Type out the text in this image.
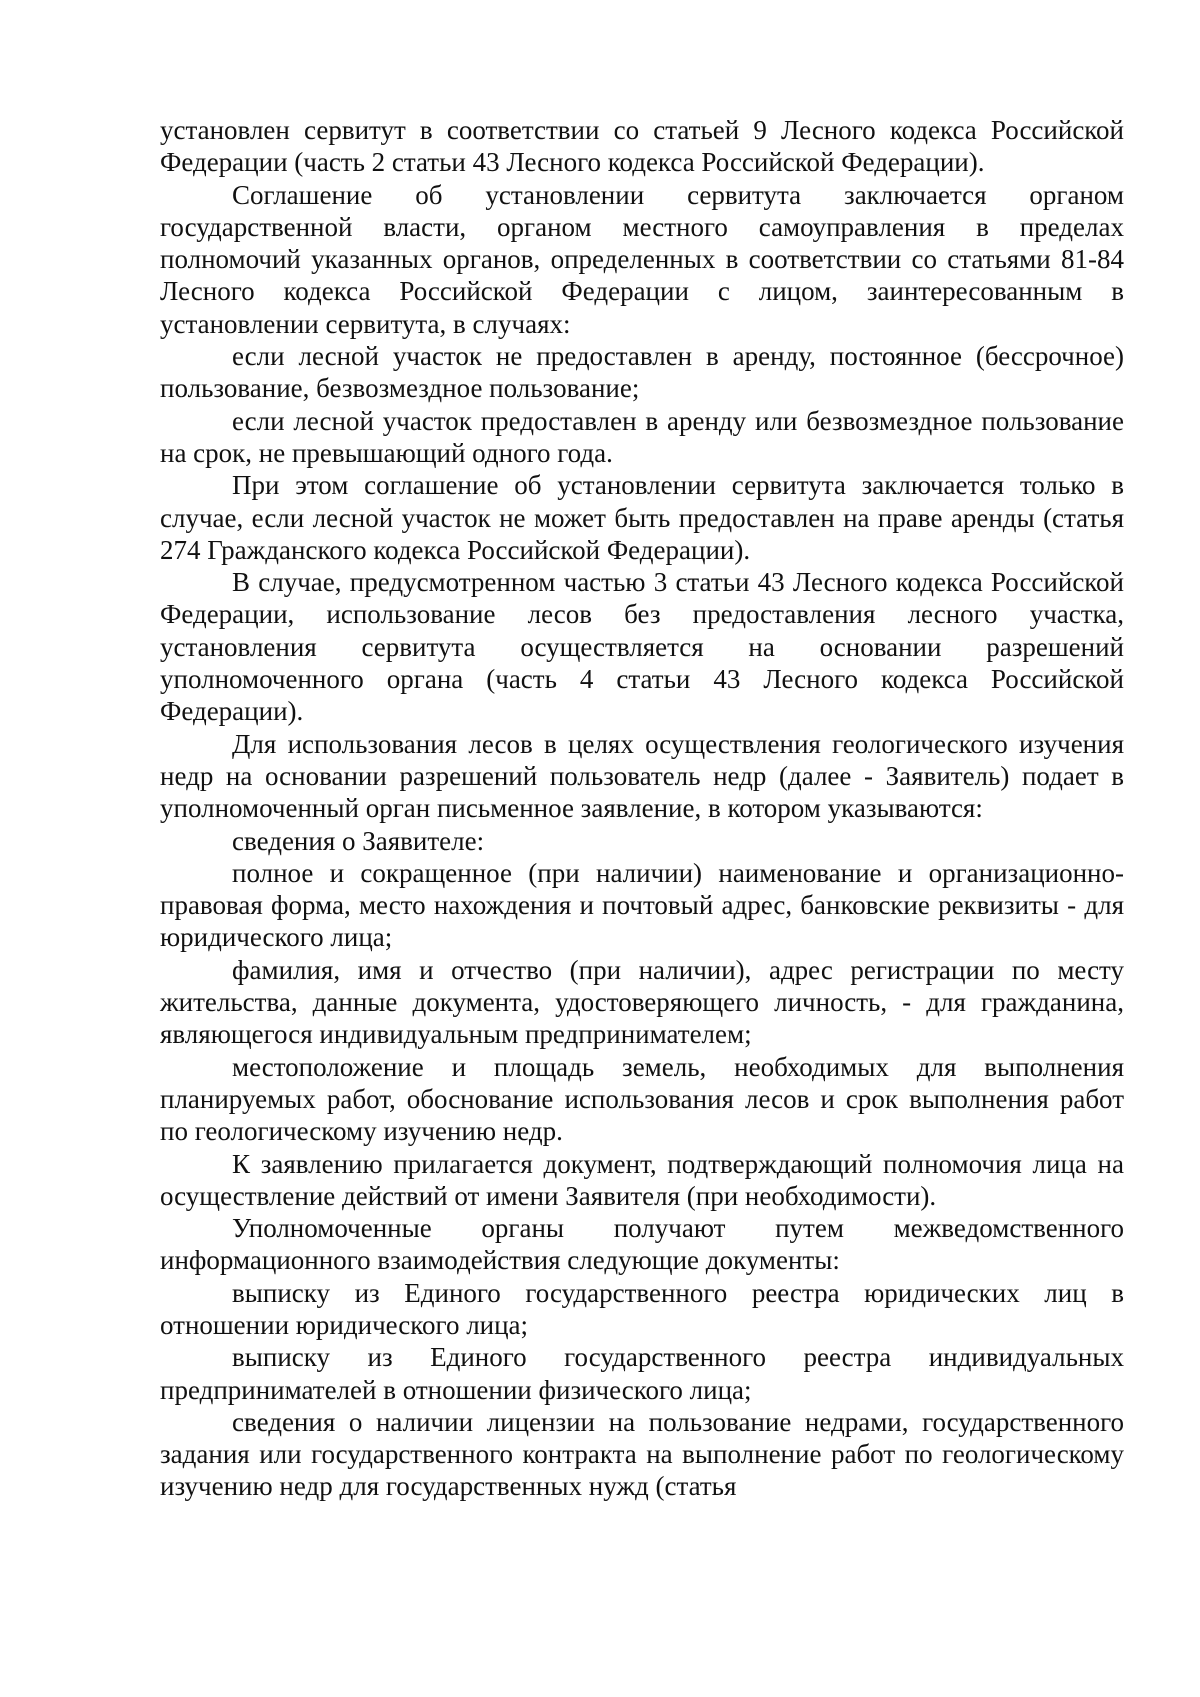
установлен сервитут в соответствии со статьей 9 Лесного кодекса Российской Федерации (часть 2 статьи 43 Лесного кодекса Российской Федерации).

Соглашение об установлении сервитута заключается органом государственной власти, органом местного самоуправления в пределах полномочий указанных органов, определенных в соответствии со статьями 81-84 Лесного кодекса Российской Федерации с лицом, заинтересованным в установлении сервитута, в случаях:

если лесной участок не предоставлен в аренду, постоянное (бессрочное) пользование, безвозмездное пользование;

если лесной участок предоставлен в аренду или безвозмездное пользование на срок, не превышающий одного года.

При этом соглашение об установлении сервитута заключается только в случае, если лесной участок не может быть предоставлен на праве аренды (статья 274 Гражданского кодекса Российской Федерации).

В случае, предусмотренном частью 3 статьи 43 Лесного кодекса Российской Федерации, использование лесов без предоставления лесного участка, установления сервитута осуществляется на основании разрешений уполномоченного органа (часть 4 статьи 43 Лесного кодекса Российской Федерации).

Для использования лесов в целях осуществления геологического изучения недр на основании разрешений пользователь недр (далее - Заявитель) подает в уполномоченный орган письменное заявление, в котором указываются:

сведения о Заявителе:

полное и сокращенное (при наличии) наименование и организационно-правовая форма, место нахождения и почтовый адрес, банковские реквизиты - для юридического лица;

фамилия, имя и отчество (при наличии), адрес регистрации по месту жительства, данные документа, удостоверяющего личность, - для гражданина, являющегося индивидуальным предпринимателем;

местоположение и площадь земель, необходимых для выполнения планируемых работ, обоснование использования лесов и срок выполнения работ по геологическому изучению недр.

К заявлению прилагается документ, подтверждающий полномочия лица на осуществление действий от имени Заявителя (при необходимости).

Уполномоченные органы получают путем межведомственного информационного взаимодействия следующие документы:

выписку из Единого государственного реестра юридических лиц в отношении юридического лица;

выписку из Единого государственного реестра индивидуальных предпринимателей в отношении физического лица;

сведения о наличии лицензии на пользование недрами, государственного задания или государственного контракта на выполнение работ по геологическому изучению недр для государственных нужд (статья
